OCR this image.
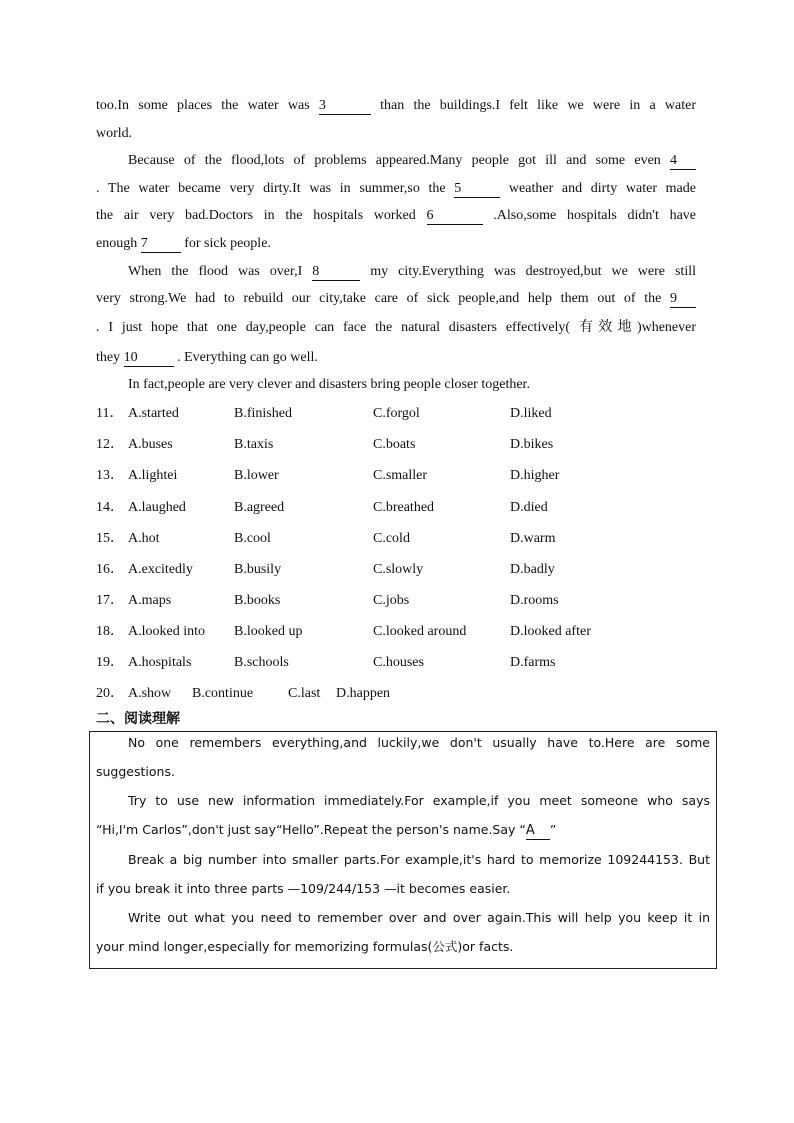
too.In some places the water was 3	than the buildings.I felt like we were in a water
world.
Because of the flood,lots of problems appeared.Many people got ill and some even 4
. The water became very dirty.It was in summer,so the 5	weather and dirty water made
the air very bad.Doctors in the hospitals worked 6	.Also,some hospitals didn't have
enough 7 for sick people.
When the flood was over,I 8	my city.Everything was destroyed,but we were still
very strong.We had to rebuild our city,take care of sick people,and help them out of the 9
. I just hope that one day,people can face the natural disasters effectively( 有效地)whenever
they 10	. Everything can go well.
In fact,people are very clever and disasters bring people closer together.
11． A.started	B.finished	C.forgol	D.liked
12． A.buses	B.taxis	C.boats	D.bikes
13． A.lightei	B.lower	C.smaller	D.higher
14． A.laughed	B.agreed	C.breathed	D.died
15． A.hot	B.cool	C.cold	D.warm
16． A.excitedly	B.busily	C.slowly	D.badly
17． A.maps	B.books	C.jobs	D.rooms
18． A.looked into B.looked up	C.looked around	D.looked after
19． A.hospitals	B.schools	C.houses	D.farms
20． A.show B.continue C.last D.happen
二、阅读理解
No one remembers everything,and luckily,we don't usually have to.Here are some
suggestions.
Try to use new information immediately.For example,if you meet someone who says
“Hi,I'm Carlos”,don't just say“Hello”.Repeat the person's name.Say “A ”
Break a big number into smaller parts.For example,it's hard to memorize 109244153. But
if you break it into three parts —109/244/153 —it becomes easier.
Write out what you need to remember over and over again.This will help you keep it in
your mind longer,especially for memorizing formulas(公式)or facts.
